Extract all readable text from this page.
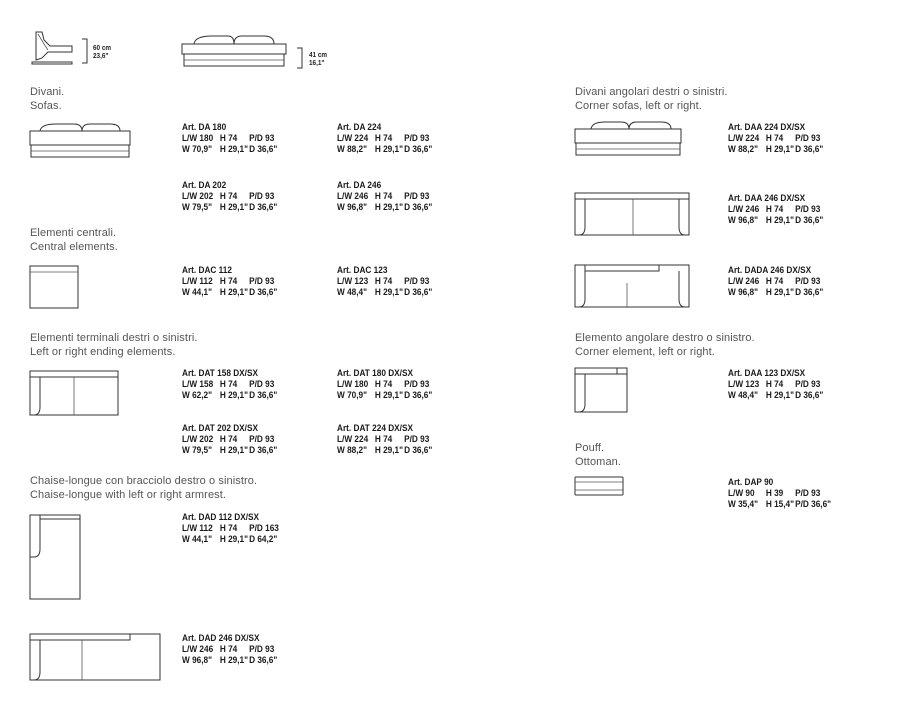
60 cm
23,6"	41 cm
16,1"
Divani.
Sofas.
Art. DA 180
L/W 180 H 74 P/D 93
W 70,9" H 29,1"D 36,6"
Art. DA 224
L/W 224 H 74 P/D 93
W 88,2" H 29,1"D 36,6"
Art. DA 202
L/W 202 H 74 P/D 93
W 79,5" H 29,1"D 36,6"
Art. DA 246
L/W 246 H 74 P/D 93
W 96,8" H 29,1"D 36,6"
Elementi centrali.
Central elements.
Art. DAC 112
L/W 112 H 74 P/D 93
W 44,1" H 29,1"D 36,6"
Art. DAC 123
L/W 123 H 74 P/D 93
W 48,4" H 29,1"D 36,6"
Elementi terminali destri o sinistri.
Left or right ending elements.
Art. DAT 158 DX/SX
L/W 158 H 74 P/D 93
W 62,2" H 29,1"D 36,6"
Art. DAT 180 DX/SX
L/W 180 H 74 P/D 93
W 70,9" H 29,1"D 36,6"
Art. DAT 202 DX/SX
L/W 202 H 74 P/D 93
W 79,5" H 29,1"D 36,6"
Art. DAT 224 DX/SX
L/W 224 H 74 P/D 93
W 88,2" H 29,1"D 36,6"
Chaise-longue con bracciolo destro o sinistro.
Chaise-longue with left or right armrest.
Art. DAD 112 DX/SX
L/W 112 H 74 P/D 163
W 44,1" H 29,1"D 64,2"
Art. DAD 246 DX/SX
L/W 246 H 74 P/D 93
W 96,8" H 29,1"D 36,6"
Divani angolari destri o sinistri.
Corner sofas, left or right.
Art. DAA 224 DX/SX
L/W 224 H 74 P/D 93
W 88,2" H 29,1"D 36,6"
Art. DAA 246 DX/SX
L/W 246 H 74 P/D 93
W 96,8" H 29,1"D 36,6"
Art. DADA 246 DX/SX
L/W 246 H 74 P/D 93
W 96,8" H 29,1"D 36,6"
Elemento angolare destro o sinistro.
Corner element, left or right.
Art. DAA 123 DX/SX
L/W 123 H 74 P/D 93
W 48,4" H 29,1"D 36,6"
Pouff.
Ottoman.
Art. DAP 90
L/W 90 H 39 P/D 93
W 35,4" H 15,4"P/D 36,6"
